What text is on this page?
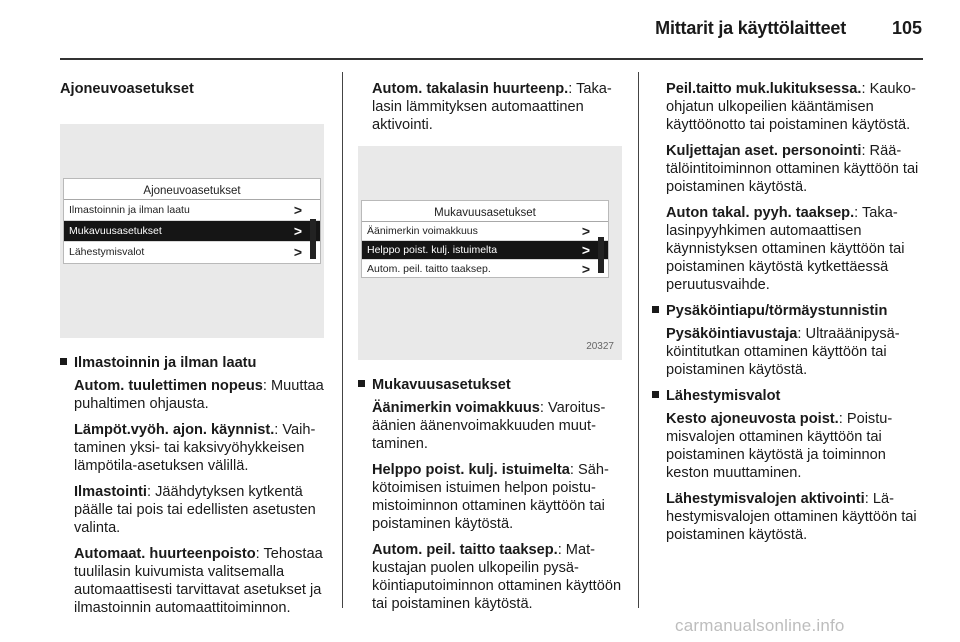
Mittarit ja käyttölaitteet	105

Ajoneuvoasetukset

Ajoneuvoasetukset
Ilmastoinnin ja ilman laatu	>
Mukavuusasetukset	>
Lähestymisvalot	>

Ilmastoinnin ja ilman laatu

Autom. tuulettimen nopeus: Muuttaa puhaltimen ohjausta.

Lämpöt.vyöh. ajon. käynnist.: Vaihtaminen yksi- tai kaksivyöhykkeisen lämpötila-asetuksen välillä.

Ilmastointi: Jäähdytyksen kytkentä päälle tai pois tai edellisten asetusten valinta.

Automaat. huurteenpoisto: Tehostaa tuulilasin kuivumista valitsemalla automaattisesti tarvittavat asetukset ja ilmastoinnin automaattitoiminnon.

Autom. takalasin huurteenp.: Takalasin lämmityksen automaattinen aktivointi.

Mukavuusasetukset
Äänimerkin voimakkuus	>
Helppo poist. kulj. istuimelta	>
Autom. peil. taitto taaksep.	>
20327

Mukavuusasetukset

Äänimerkin voimakkuus: Varoitusäänien äänenvoimakkuuden muuttaminen.

Helppo poist. kulj. istuimelta: Sähkötoimisen istuimen helpon poistumistoiminnon ottaminen käyttöön tai poistaminen käytöstä.

Autom. peil. taitto taaksep.: Matkustajan puolen ulkopeilin pysäköintiaputoiminnon ottaminen käyttöön tai poistaminen käytöstä.

Peil.taitto muk.lukituksessa.: Kauko-ohjatun ulkopeilien kääntämisen käyttöönotto tai poistaminen käytöstä.

Kuljettajan aset. personointi: Räätälöintitoiminnon ottaminen käyttöön tai poistaminen käytöstä.

Auton takal. pyyh. taaksep.: Takalasinpyyhkimen automaattisen käynnistyksen ottaminen käyttöön tai poistaminen käytöstä kytkettäessä peruutusvaihde.

Pysäköintiapu/törmäystunnistin

Pysäköintiavustaja: Ultraäänipysäköintitutkan ottaminen käyttöön tai poistaminen käytöstä.

Lähestymisvalot

Kesto ajoneuvosta poist.: Poistumisvalojen ottaminen käyttöön tai poistaminen käytöstä ja toiminnon keston muuttaminen.

Lähestymisvalojen aktivointi: Lähestymisvalojen ottaminen käyttöön tai poistaminen käytöstä.

carmanualsonline.info
